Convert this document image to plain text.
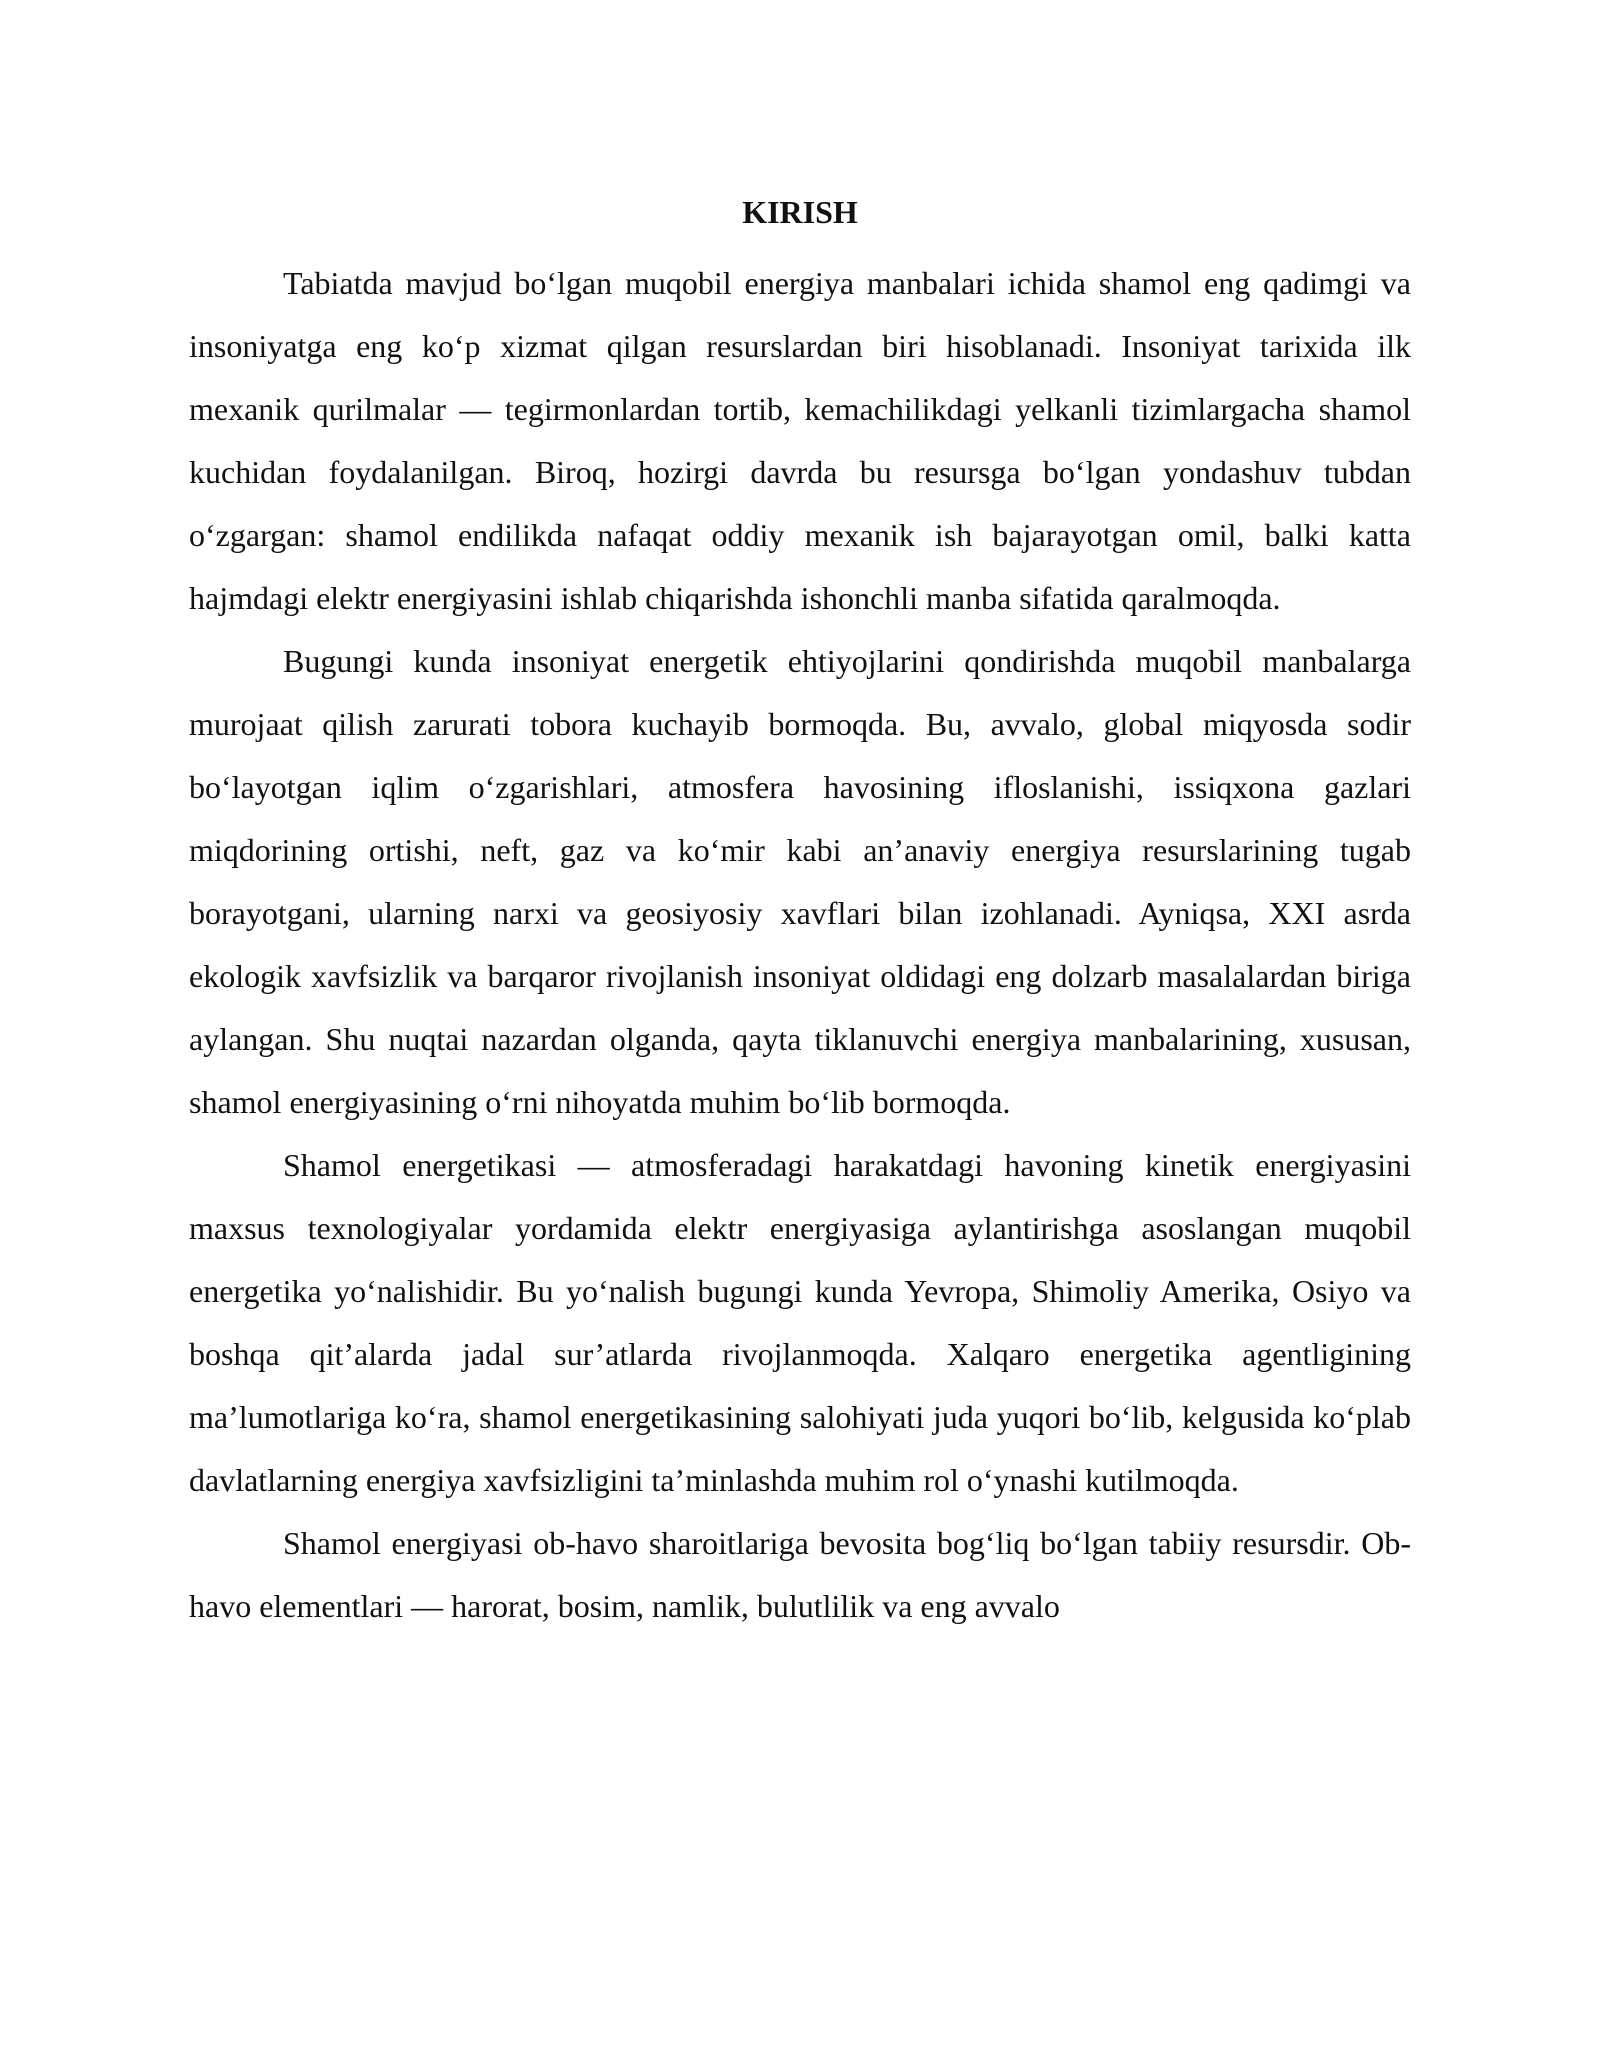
KIRISH

Tabiatda mavjud bo‘lgan muqobil energiya manbalari ichida shamol eng qadimgi va insoniyatga eng ko‘p xizmat qilgan resurslardan biri hisoblanadi. Insoniyat tarixida ilk mexanik qurilmalar — tegirmonlardan tortib, kemachilikdagi yelkanli tizimlargacha shamol kuchidan foydalanilgan. Biroq, hozirgi davrda bu resursga bo‘lgan yondashuv tubdan o‘zgargan: shamol endilikda nafaqat oddiy mexanik ish bajarayotgan omil, balki katta hajmdagi elektr energiyasini ishlab chiqarishda ishonchli manba sifatida qaralmoqda.

Bugungi kunda insoniyat energetik ehtiyojlarini qondirishda muqobil manbalarga murojaat qilish zarurati tobora kuchayib bormoqda. Bu, avvalo, global miqyosda sodir bo‘layotgan iqlim o‘zgarishlari, atmosfera havosining ifloslanishi, issiqxona gazlari miqdorining ortishi, neft, gaz va ko‘mir kabi an’anaviy energiya resurslarining tugab borayotgani, ularning narxi va geosiyosiy xavflari bilan izohlanadi. Ayniqsa, XXI asrda ekologik xavfsizlik va barqaror rivojlanish insoniyat oldidagi eng dolzarb masalalardan biriga aylangan. Shu nuqtai nazardan olganda, qayta tiklanuvchi energiya manbalarining, xususan, shamol energiyasining o‘rni nihoyatda muhim bo‘lib bormoqda.

Shamol energetikasi — atmosferadagi harakatdagi havoning kinetik energiyasini maxsus texnologiyalar yordamida elektr energiyasiga aylantirishga asoslangan muqobil energetika yo‘nalishidir. Bu yo‘nalish bugungi kunda Yevropa, Shimoliy Amerika, Osiyo va boshqa qit’alarda jadal sur’atlarda rivojlanmoqda. Xalqaro energetika agentligining ma’lumotlariga ko‘ra, shamol energetikasining salohiyati juda yuqori bo‘lib, kelgusida ko‘plab davlatlarning energiya xavfsizligini ta’minlashda muhim rol o‘ynashi kutilmoqda.

Shamol energiyasi ob-havo sharoitlariga bevosita bog‘liq bo‘lgan tabiiy resursdir. Ob-havo elementlari — harorat, bosim, namlik, bulutlilik va eng avvalo
